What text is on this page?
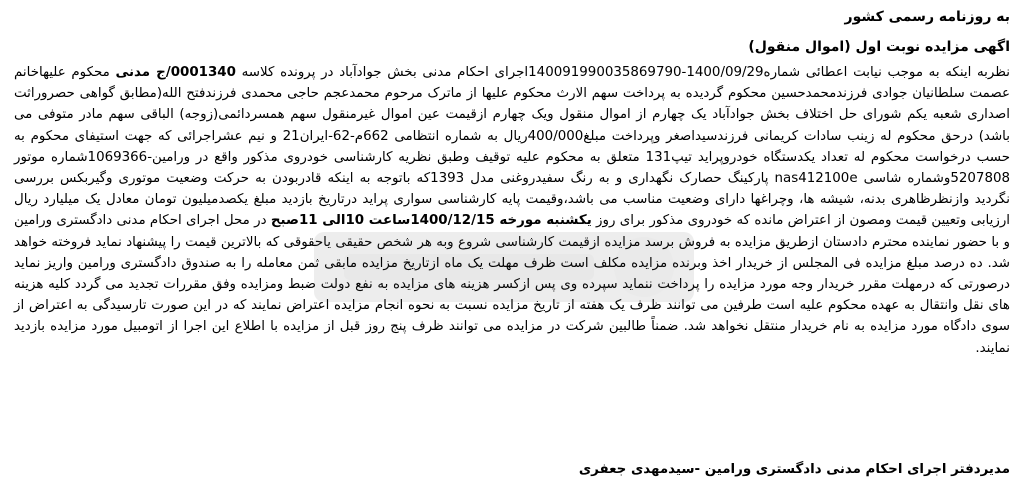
به روزنامه رسمی کشور
اگهی مزایده نوبت اول (اموال منقول)
نظربه اینکه به موجب نیابت اعطائی شماره1400/09/29-140091990035869790اجرای احکام مدنی بخش جوادآباد در پرونده کلاسه 0001340/ج مدنی محکوم علیهاخانم عصمت سلطانیان جوادی فرزندمحمدحسین محکوم گردیده به پرداخت سهم الارث محکوم علیها از ماترک مرحوم محمدعجم حاجی محمدی فرزندفتح الله(مطابق گواهی حصروراثت اصداری شعبه یکم شورای حل اختلاف بخش جوادآباد یک چهارم از اموال منقول ویک چهارم ازقیمت عین اموال غیرمنقول سهم همسردائمی(زوجه) الباقی سهم مادر متوفی می باشد) درحق محکوم له زینب سادات کریمانی فرزندسیداصغر وپرداخت مبلغ400/000ریال به شماره انتظامی 662م-62-ایران21 و نیم عشراجرائی که جهت استیفای محکوم به حسب درخواست محکوم له تعداد یکدستگاه خودروپراید تیپ131 متعلق به محکوم علیه توقیف وطبق نظریه کارشناسی خودروی مذکور واقع در ورامین-1069366شماره موتور 5207808وشماره شاسی nas412100e پارکینگ حصارک نگهداری و به رنگ سفیدروغنی مدل 1393که باتوجه به اینکه قادربودن به حرکت وضعیت موتوری وگیربکس بررسی نگردید وازنظرظاهری بدنه، شیشه ها، وچراغها دارای وضعیت مناسب می باشد،وقیمت پایه کارشناسی سواری پراید درتاریخ بازدید مبلغ یکصدمیلیون تومان معادل یک میلیارد ریال ارزیابی وتعیین قیمت ومصون از اعتراض مانده که خودروی مذکور برای روز یکشنبه مورخه 1400/12/15ساعت 10الی 11صبح در محل اجرای احکام مدنی دادگستری ورامین و با حضور نماینده محترم دادستان ازطریق مزایده به فروش برسد مزایده ازقیمت کارشناسی شروع وبه هر شخص حقیقی یاحقوقی که بالاترین قیمت را پیشنهاد نماید فروخته خواهد شد. ده درصد مبلغ مزایده فی المجلس از خریدار اخذ وبرنده مزایده مکلف است ظرف مهلت یک ماه ازتاریخ مزایده مابقی ثمن معامله را به صندوق دادگستری ورامین واریز نماید درصورتی که درمهلت مقرر خریدار وجه مورد مزایده را پرداخت ننماید سپرده وی پس ازکسر هزینه های مزایده به نفع دولت ضبط ومزایده وفق مقررات تجدید می گردد کلیه هزینه های نقل وانتقال به عهده محکوم علیه است طرفین می توانند ظرف یک هفته از تاریخ مزایده نسبت به نحوه انجام مزایده اعتراض نمایند که در این صورت تارسیدگی به اعتراض از سوی دادگاه مورد مزایده به نام خریدار منتقل نخواهد شد. ضمناً طالبین شرکت در مزایده می توانند ظرف پنج روز قبل از مزایده با اطلاع این اجرا از اتومبیل مورد مزایده بازدید نمایند.
مدیردفتر اجرای احکام مدنی دادگستری ورامین -سیدمهدی جعفری
